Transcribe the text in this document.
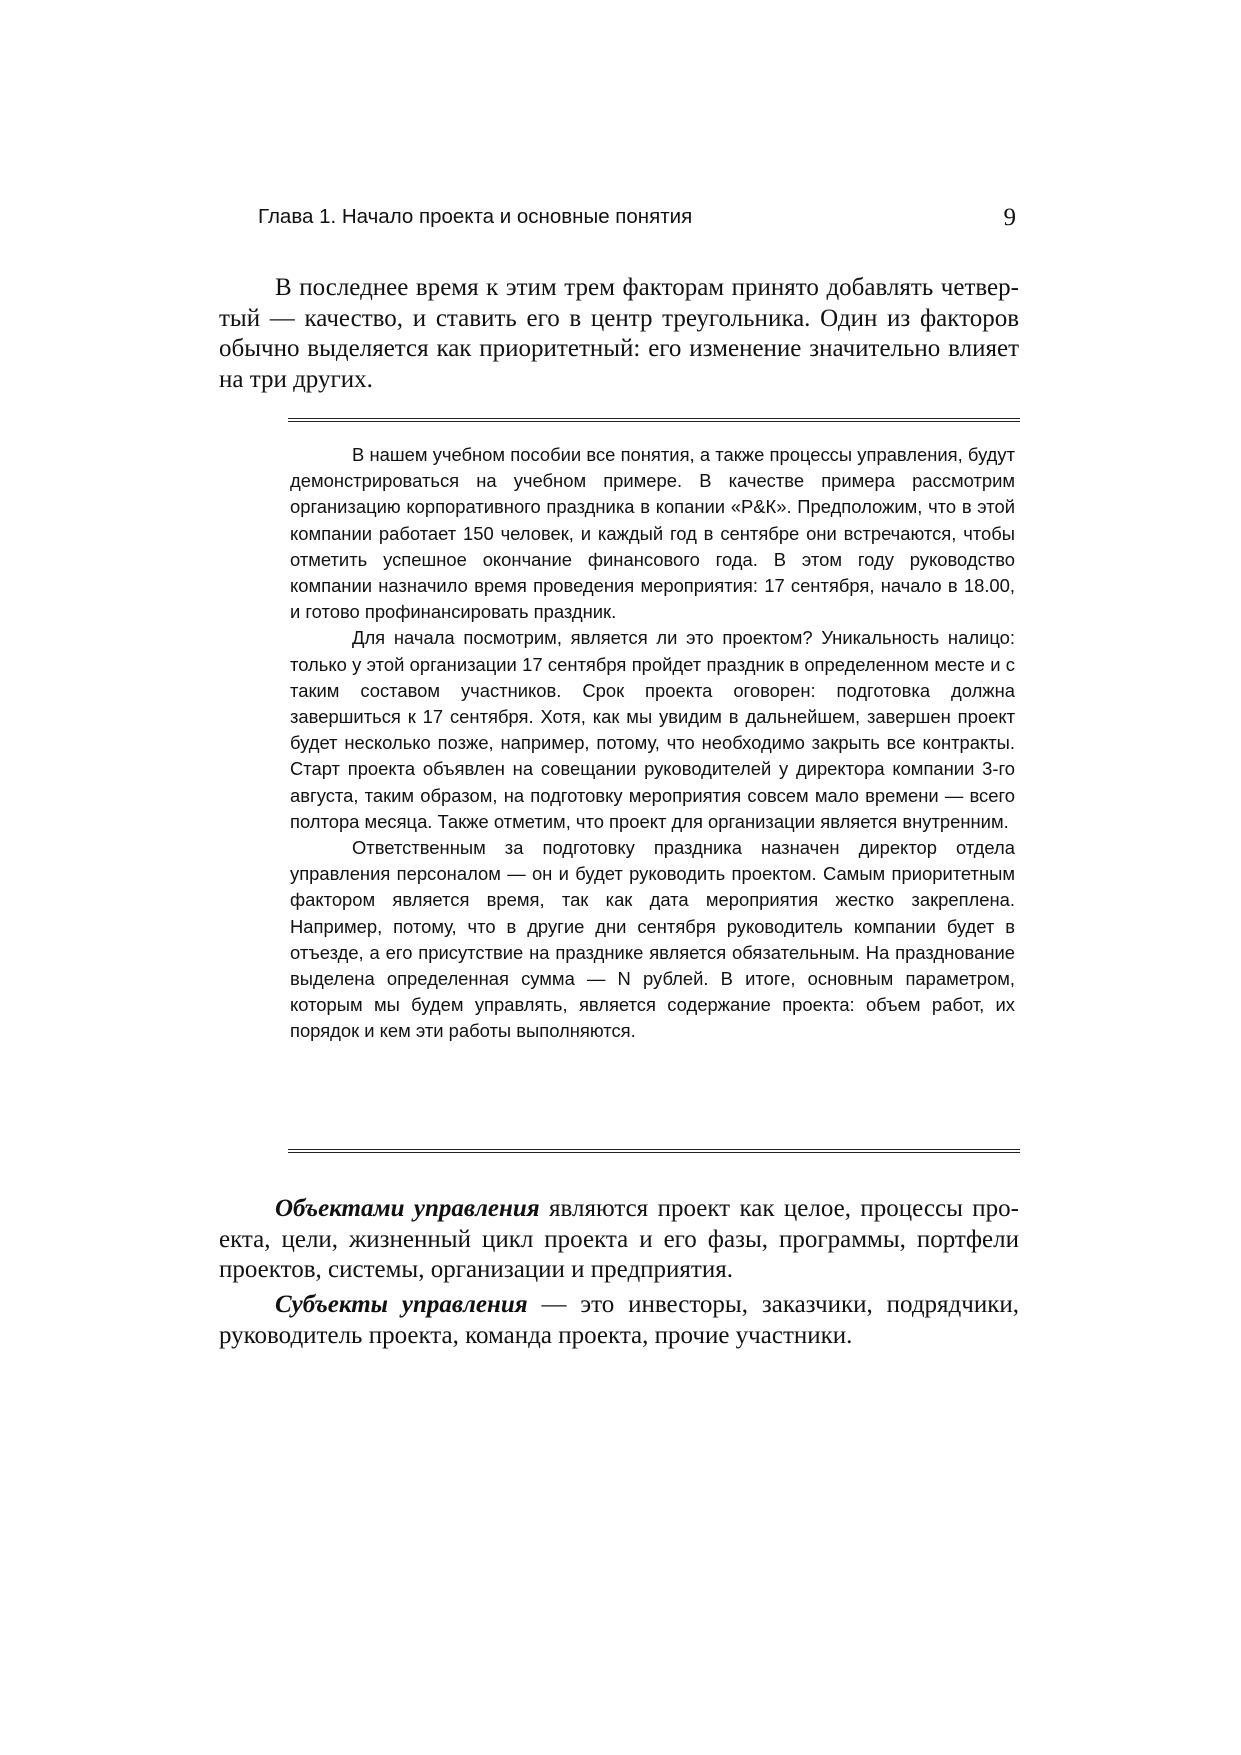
Глава 1. Начало проекта и основные понятия	9

В последнее время к этим трем факторам принято добавлять четвертый — качество, и ставить его в центр треугольника. Один из факторов обычно выделяется как приоритетный: его изменение значительно влияет на три других.

В нашем учебном пособии все понятия, а также процессы управления, будут демонстрироваться на учебном примере. В качестве примера рассмотрим организацию корпоративного праздника в копании «Р&К». Предположим, что в этой компании работает 150 человек, и каждый год в сентябре они встречаются, чтобы отметить успешное окончание финансового года. В этом году руководство компании назначило время проведения мероприятия: 17 сентября, начало в 18.00, и готово профинансировать праздник.

Для начала посмотрим, является ли это проектом? Уникальность налицо: только у этой организации 17 сентября пройдет праздник в определенном месте и с таким составом участников. Срок проекта оговорен: подготовка должна завершиться к 17 сентября. Хотя, как мы увидим в дальнейшем, завершен проект будет несколько позже, например, потому, что необходимо закрыть все контракты. Старт проекта объявлен на совещании руководителей у директора компании 3-го августа, таким образом, на подготовку мероприятия совсем мало времени — всего полтора месяца. Также отметим, что проект для организации является внутренним.

Ответственным за подготовку праздника назначен директор отдела управления персоналом — он и будет руководить проектом. Самым приоритетным фактором является время, так как дата мероприятия жестко закреплена. Например, потому, что в другие дни сентября руководитель компании будет в отъезде, а его присутствие на празднике является обязательным. На празднование выделена определенная сумма — N рублей. В итоге, основным параметром, которым мы будем управлять, является содержание проекта: объем работ, их порядок и кем эти работы выполняются.

Объектами управления являются проект как целое, процессы проекта, цели, жизненный цикл проекта и его фазы, программы, портфели проектов, системы, организации и предприятия.

Субъекты управления — это инвесторы, заказчики, подрядчики, руководитель проекта, команда проекта, прочие участники.
